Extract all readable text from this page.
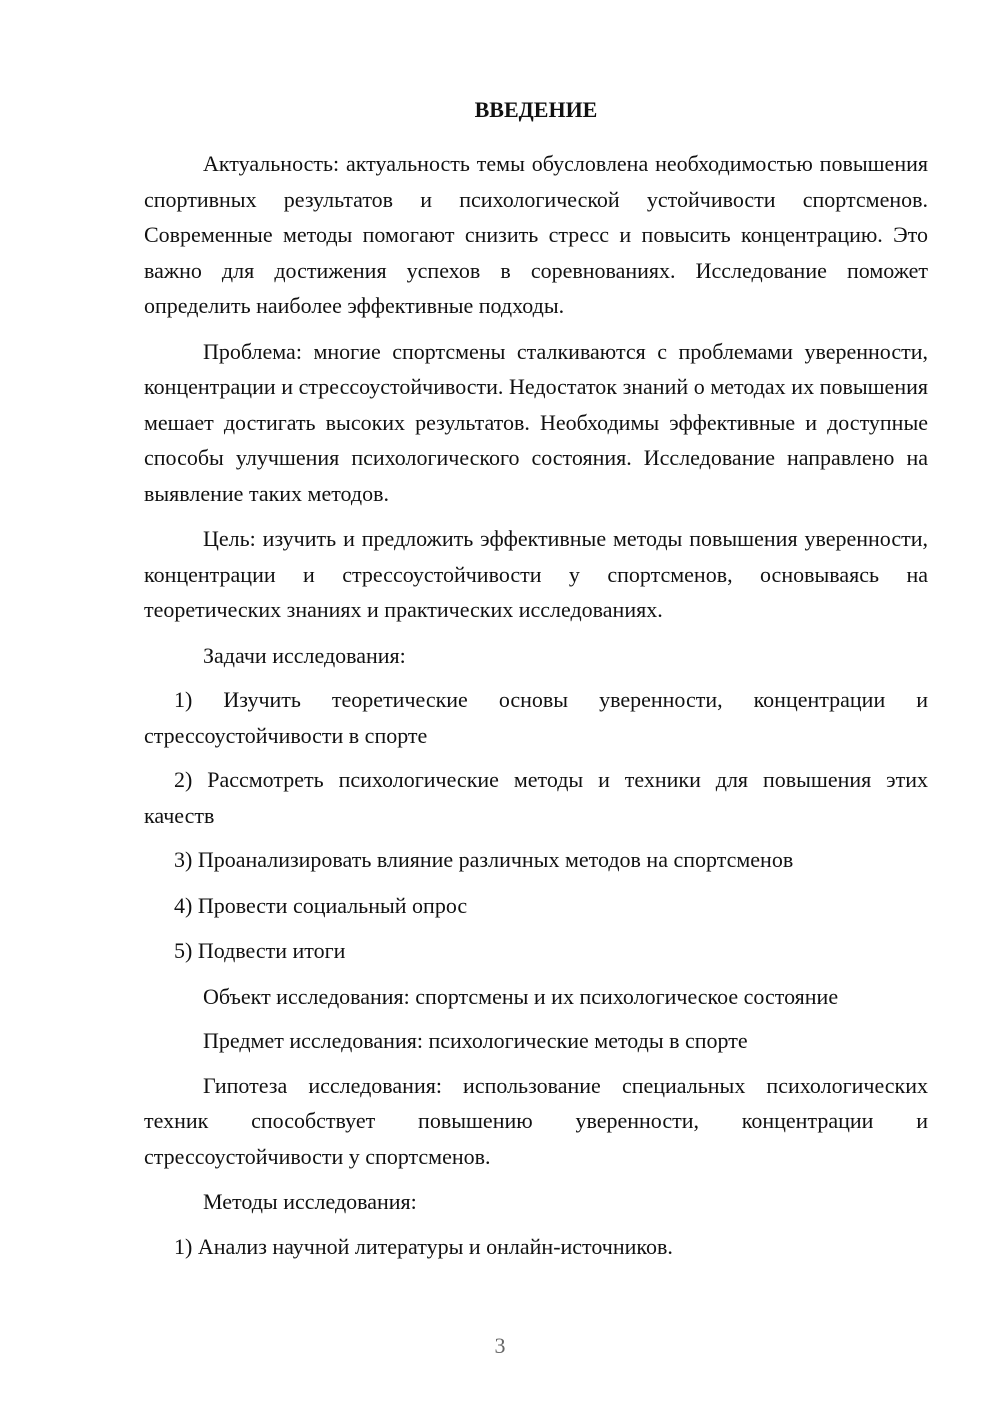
ВВЕДЕНИЕ
Актуальность: актуальность темы обусловлена необходимостью повышения спортивных результатов и психологической устойчивости спортсменов. Современные методы помогают снизить стресс и повысить концентрацию. Это важно для достижения успехов в соревнованиях. Исследование поможет определить наиболее эффективные подходы.
Проблема: многие спортсмены сталкиваются с проблемами уверенности, концентрации и стрессоустойчивости. Недостаток знаний о методах их повышения мешает достигать высоких результатов. Необходимы эффективные и доступные способы улучшения психологического состояния. Исследование направлено на выявление таких методов.
Цель: изучить и предложить эффективные методы повышения уверенности, концентрации и стрессоустойчивости у спортсменов, основываясь на теоретических знаниях и практических исследованиях.
Задачи исследования:
1) Изучить теоретические основы уверенности, концентрации и стрессоустойчивости в спорте
2) Рассмотреть психологические методы и техники для повышения этих качеств
3) Проанализировать влияние различных методов на спортсменов
4) Провести социальный опрос
5) Подвести итоги
Объект исследования: спортсмены и их психологическое состояние
Предмет исследования: психологические методы в спорте
Гипотеза исследования: использование специальных психологических техник способствует повышению уверенности, концентрации и стрессоустойчивости у спортсменов.
Методы исследования:
1) Анализ научной литературы и онлайн-источников.
3
